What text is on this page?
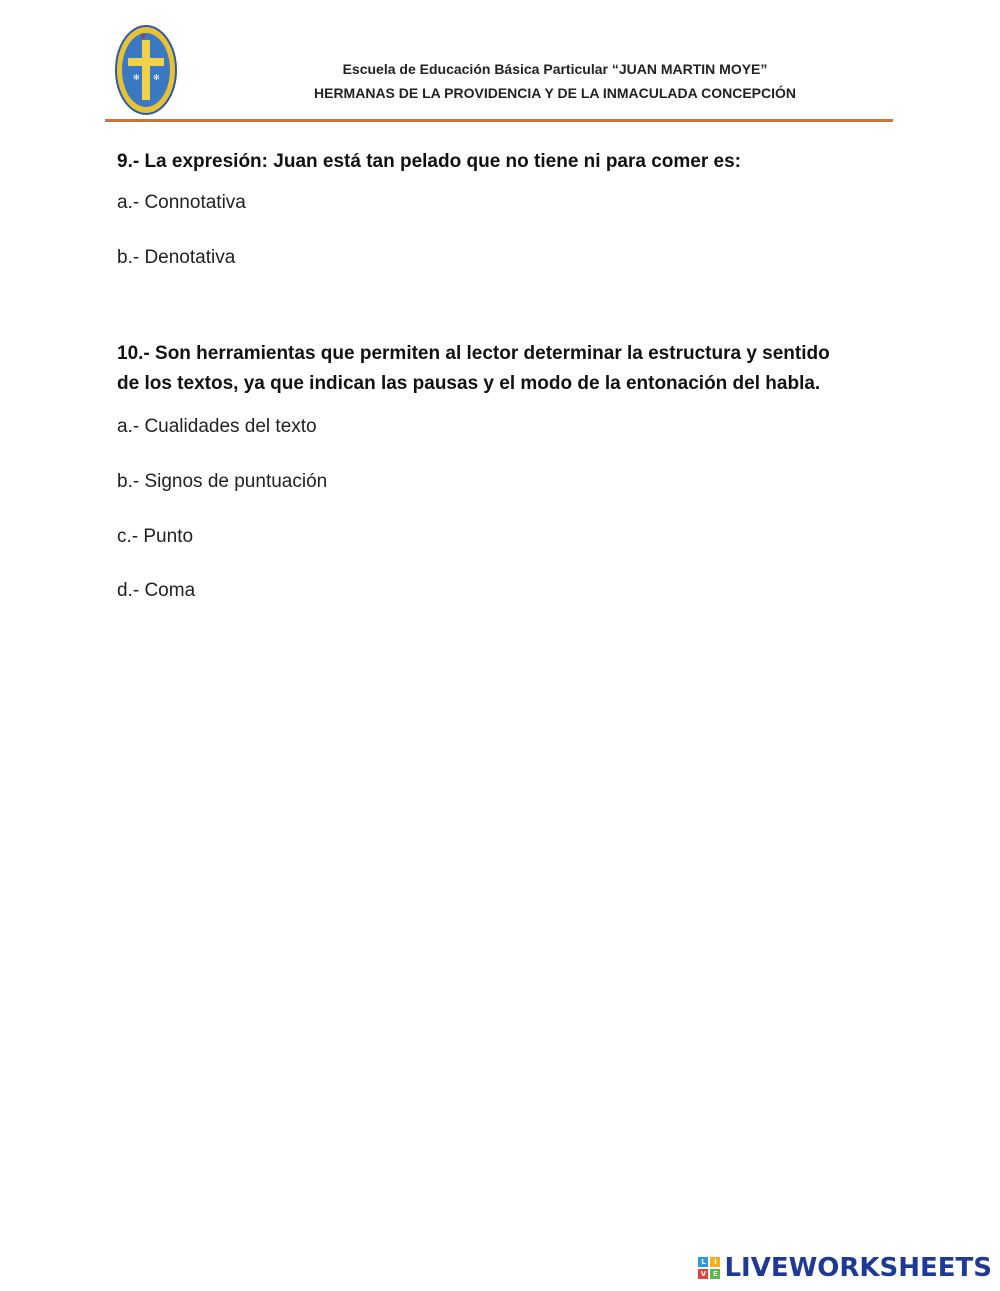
✻ ✻
♛
Escuela de Educación Básica Particular “JUAN MARTIN MOYE”
HERMANAS DE LA PROVIDENCIA Y DE LA INMACULADA CONCEPCIÓN
9.- La expresión: Juan está tan pelado que no tiene ni para comer es:
a.- Connotativa
b.- Denotativa
10.- Son herramientas que permiten al lector determinar la estructura y sentido
de los textos, ya que indican las pausas y el modo de la entonación del habla.
a.- Cualidades del texto
b.- Signos de puntuación
c.- Punto
d.- Coma
L	I
V E LIVEWORKSHEETS
